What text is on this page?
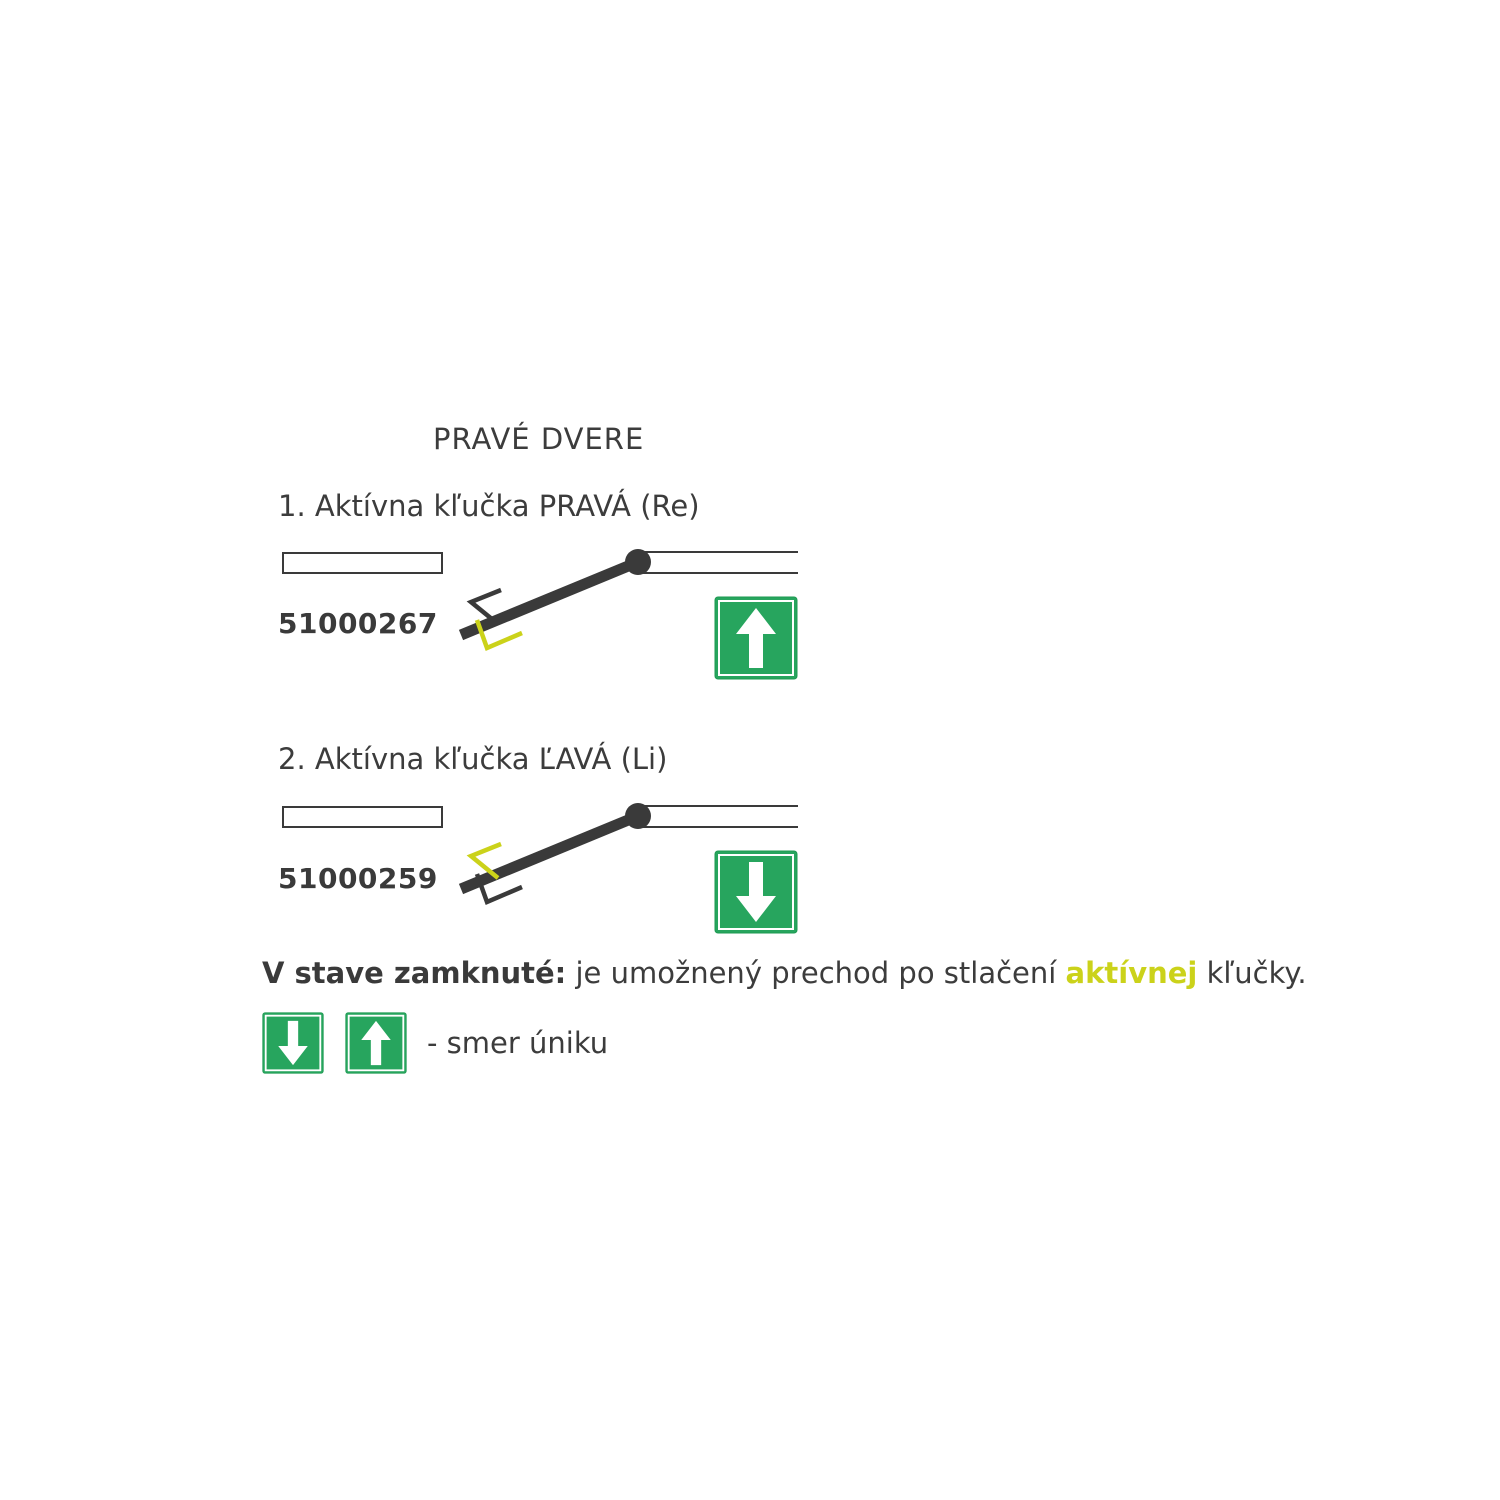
PRAVÉ DVERE
1. Aktívna kľučka PRAVÁ (Re)
51000267
2. Aktívna kľučka ĽAVÁ (Li)
51000259
V stave zamknuté: je umožnený prechod po stlačení aktívnej kľučky.
- smer úniku
